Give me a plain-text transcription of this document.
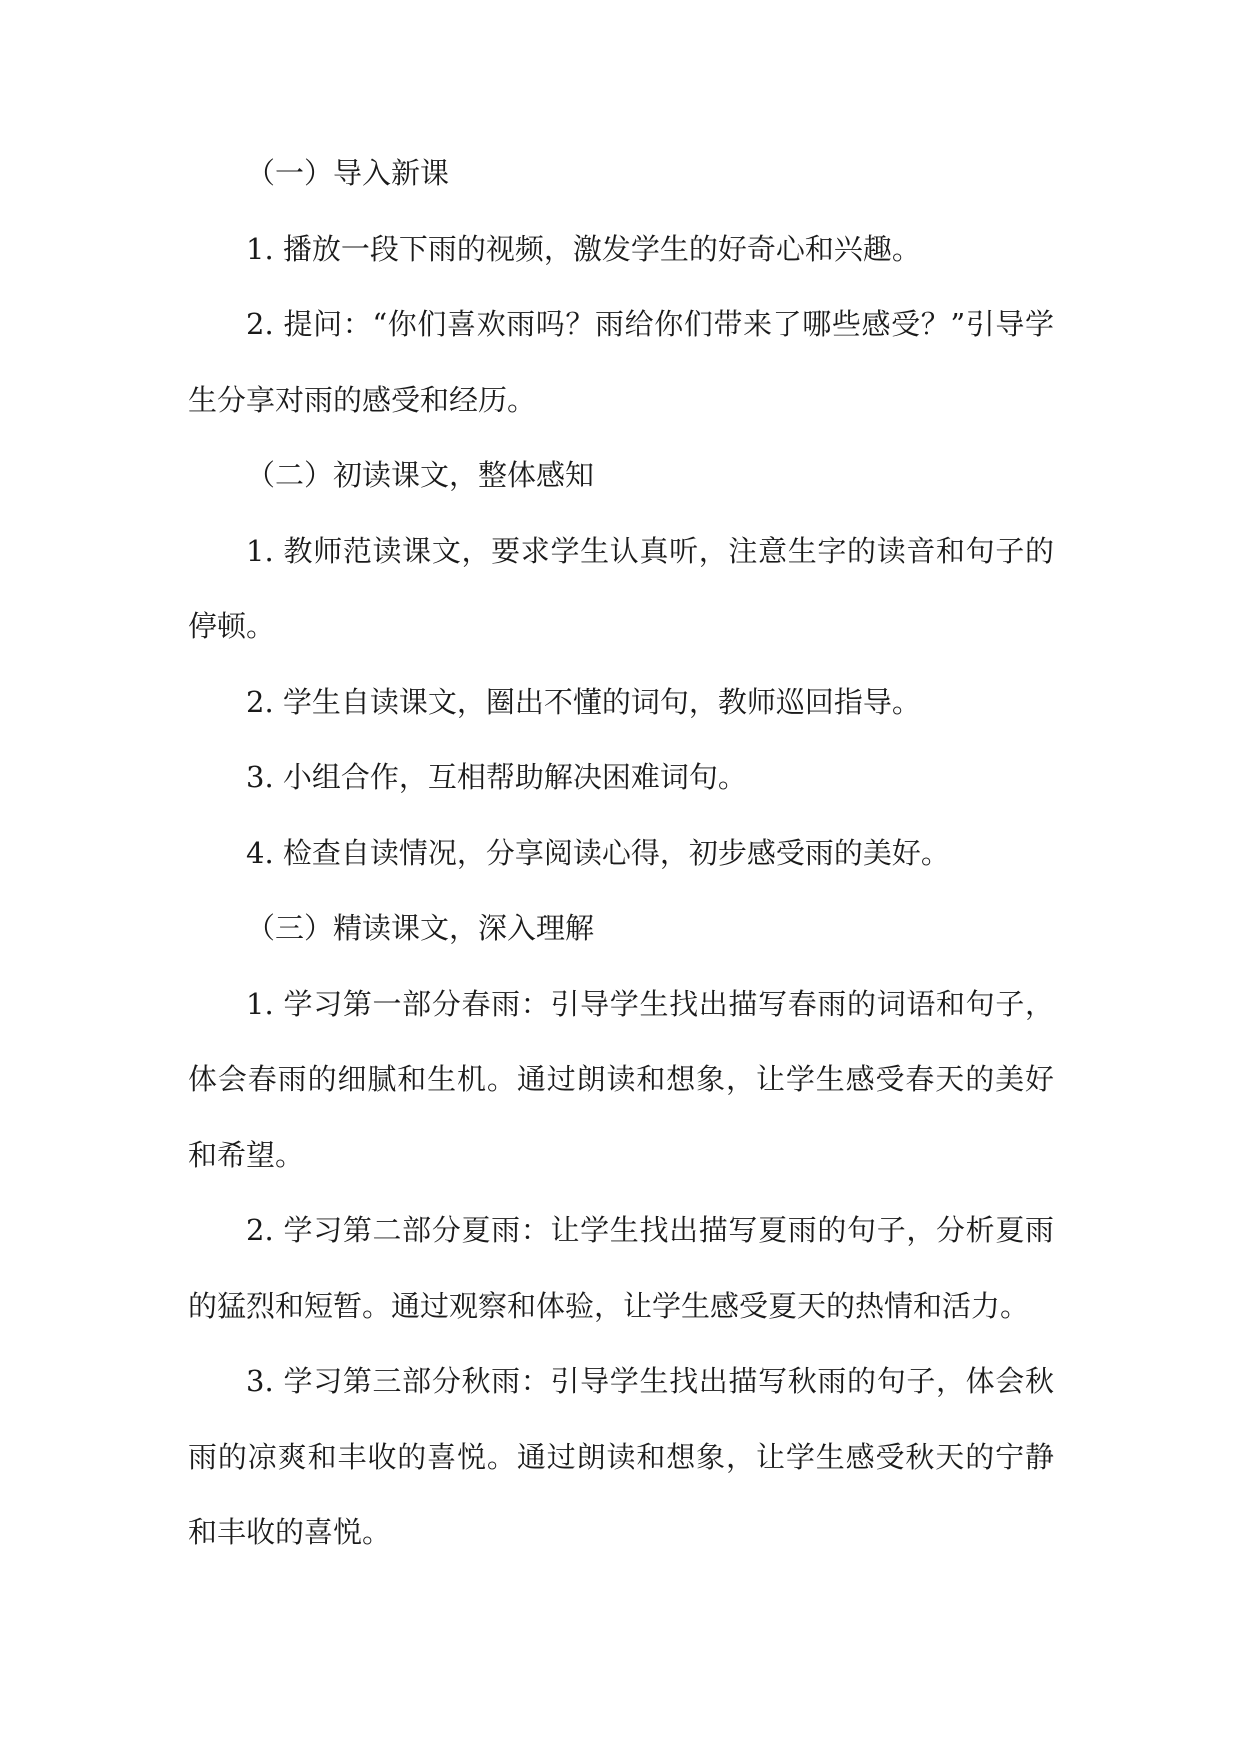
（一）导入新课

1. 播放一段下雨的视频，激发学生的好奇心和兴趣。

2. 提问：“你们喜欢雨吗？雨给你们带来了哪些感受？”引导学生分享对雨的感受和经历。

（二）初读课文，整体感知

1. 教师范读课文，要求学生认真听，注意生字的读音和句子的停顿。

2. 学生自读课文，圈出不懂的词句，教师巡回指导。

3. 小组合作，互相帮助解决困难词句。

4. 检查自读情况，分享阅读心得，初步感受雨的美好。

（三）精读课文，深入理解

1. 学习第一部分春雨：引导学生找出描写春雨的词语和句子，体会春雨的细腻和生机。通过朗读和想象，让学生感受春天的美好和希望。

2. 学习第二部分夏雨：让学生找出描写夏雨的句子，分析夏雨的猛烈和短暂。通过观察和体验，让学生感受夏天的热情和活力。

3. 学习第三部分秋雨：引导学生找出描写秋雨的句子，体会秋雨的凉爽和丰收的喜悦。通过朗读和想象，让学生感受秋天的宁静和丰收的喜悦。
